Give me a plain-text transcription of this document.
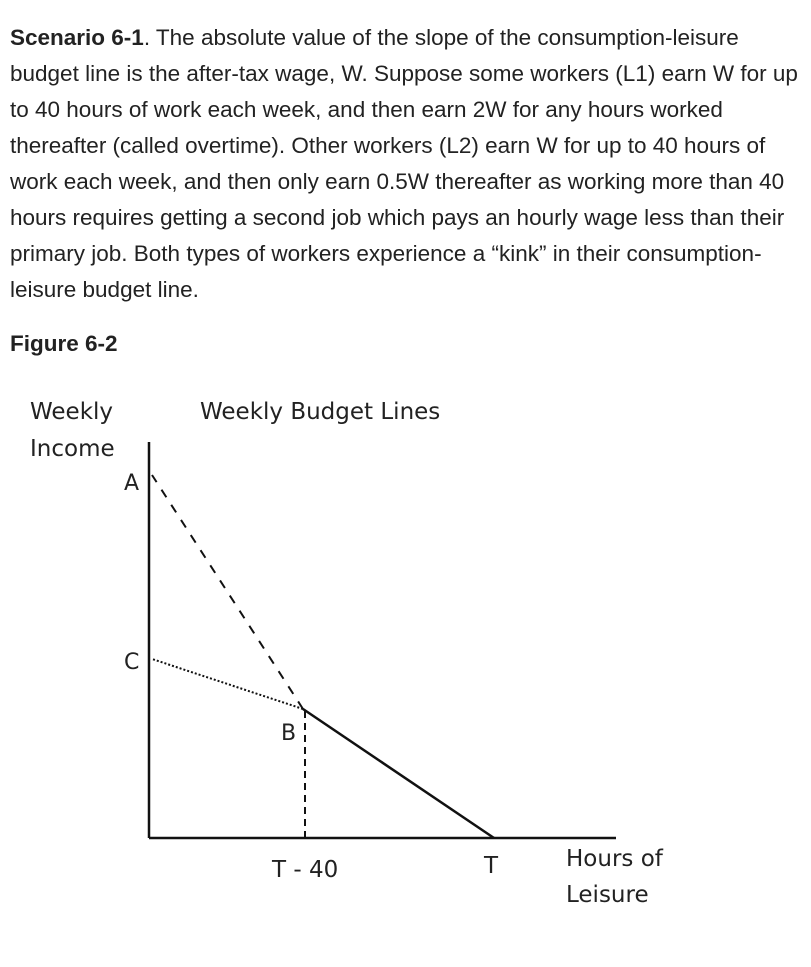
Scenario 6-1. The absolute value of the slope of the consumption-leisure budget line is the after-tax wage, W. Suppose some workers (L1) earn W for up to 40 hours of work each week, and then earn 2W for any hours worked thereafter (called overtime). Other workers (L2) earn W for up to 40 hours of work each week, and then only earn 0.5W thereafter as working more than 40 hours requires getting a second job which pays an hourly wage less than their primary job. Both types of workers experience a “kink” in their consumption-leisure budget line.

Figure 6-2

Weekly
Income
Weekly Budget Lines
A
C
B
T - 40	T	Hours of
Leisure
